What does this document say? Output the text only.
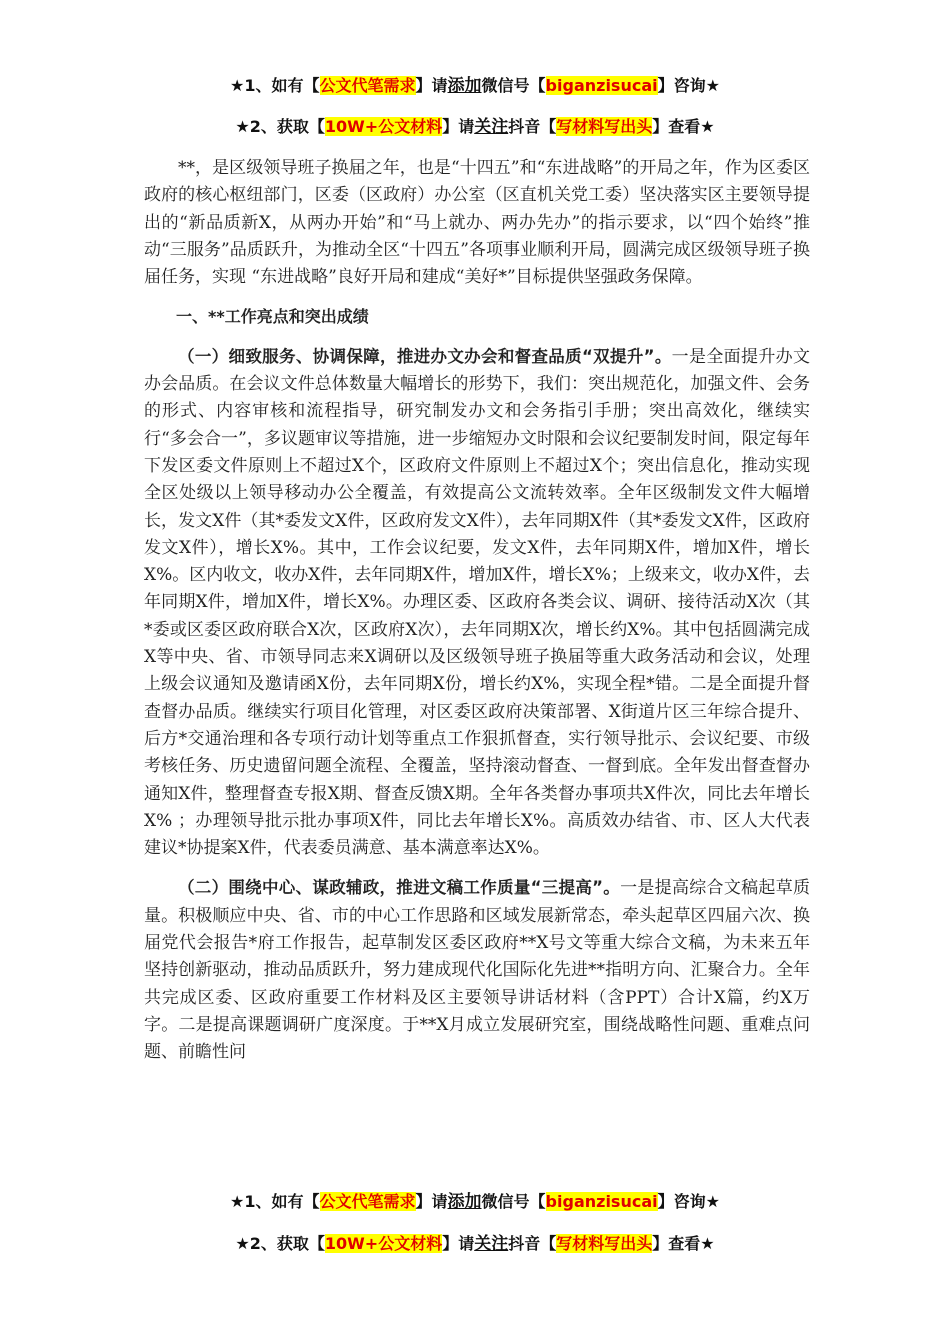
★1、如有【公文代笔需求】请添加微信号【biganzisucai】咨询★
★2、获取【10W+公文材料】请关注抖音【写材料写出头】查看★

**，是区级领导班子换届之年，也是“十四五”和“东进战略”的开局之年，作为区委区政府的核心枢纽部门，区委（区政府）办公室（区直机关党工委）坚决落实区主要领导提出的“新品质新X，从两办开始”和“马上就办、两办先办”的指示要求，以“四个始终”推动“三服务”品质跃升，为推动全区“十四五”各项事业顺利开局，圆满完成区级领导班子换届任务，实现 “东进战略”良好开局和建成“美好*”目标提供坚强政务保障。

一、**工作亮点和突出成绩

（一）细致服务、协调保障，推进办文办会和督查品质“双提升”。一是全面提升办文办会品质。在会议文件总体数量大幅增长的形势下，我们：突出规范化，加强文件、会务的形式、内容审核和流程指导，研究制发办文和会务指引手册；突出高效化，继续实行“多会合一”，多议题审议等措施，进一步缩短办文时限和会议纪要制发时间，限定每年下发区委文件原则上不超过X个，区政府文件原则上不超过X个；突出信息化，推动实现全区处级以上领导移动办公全覆盖，有效提高公文流转效率。全年区级制发文件大幅增长，发文X件（其*委发文X件，区政府发文X件），去年同期X件（其*委发文X件，区政府发文X件），增长X%。其中，工作会议纪要，发文X件，去年同期X件，增加X件，增长X%。区内收文，收办X件，去年同期X件，增加X件，增长X%；上级来文，收办X件，去年同期X件，增加X件，增长X%。办理区委、区政府各类会议、调研、接待活动X次（其*委或区委区政府联合X次，区政府X次），去年同期X次，增长约X%。其中包括圆满完成X等中央、省、市领导同志来X调研以及区级领导班子换届等重大政务活动和会议，处理上级会议通知及邀请函X份，去年同期X份，增长约X%，实现全程*错。二是全面提升督查督办品质。继续实行项目化管理，对区委区政府决策部署、X街道片区三年综合提升、后方*交通治理和各专项行动计划等重点工作狠抓督查，实行领导批示、会议纪要、市级考核任务、历史遗留问题全流程、全覆盖，坚持滚动督查、一督到底。全年发出督查督办通知X件，整理督查专报X期、督查反馈X期。全年各类督办事项共X件次，同比去年增长X% ；办理领导批示批办事项X件，同比去年增长X%。高质效办结省、市、区人大代表建议*协提案X件，代表委员满意、基本满意率达X%。

（二）围绕中心、谋政辅政，推进文稿工作质量“三提高”。一是提高综合文稿起草质量。积极顺应中央、省、市的中心工作思路和区域发展新常态，牵头起草区四届六次、换届党代会报告*府工作报告，起草制发区委区政府**X号文等重大综合文稿，为未来五年坚持创新驱动，推动品质跃升，努力建成现代化国际化先进**指明方向、汇聚合力。全年共完成区委、区政府重要工作材料及区主要领导讲话材料（含PPT）合计X篇，约X万字。二是提高课题调研广度深度。于**X月成立发展研究室，围绕战略性问题、重难点问题、前瞻性问

★1、如有【公文代笔需求】请添加微信号【biganzisucai】咨询★
★2、获取【10W+公文材料】请关注抖音【写材料写出头】查看★
